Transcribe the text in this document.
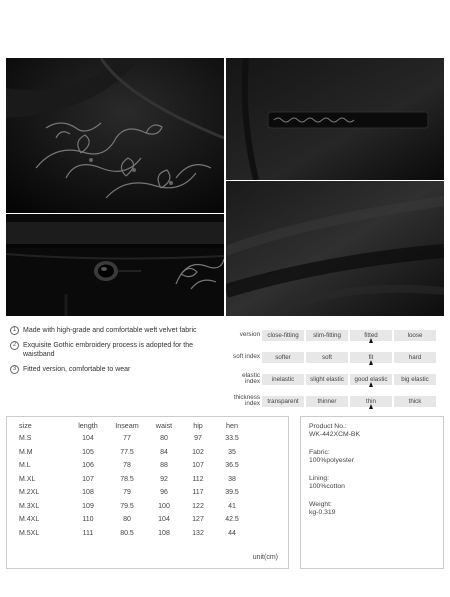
1 Made with high-grade and comfortable weft velvet fabric
2 Exquisite Gothic embroidery process is adopted for the waistband
3 Fitted version, comfortable to wear
version	close-fitting	slim-fitting	fitted	loose
soft index	softer	soft	fit	hard
elastic index	inelastic	slight elastic	good elastic	big elastic
thickness index	transparent	thinner	thin	thick
size	length	Inseam	waist	hip	hen	
M.S	104	77	80	97	33.5	
M.M	105	77.5	84	102	35	
M.L	106	78	88	107	36.5	
M.XL	107	78.5	92	112	38	
M.2XL	108	79	96	117	39.5	
M.3XL	109	79.5	100	122	41	
M.4XL	110	80	104	127	42.5	
M.5XL	111	80.5	108	132	44	
unit(cm)
Product No.:
WK-442XCM-BK
Fabric:
100%polyester
Lining:
100%cotton
Weight:
kg-0.319
